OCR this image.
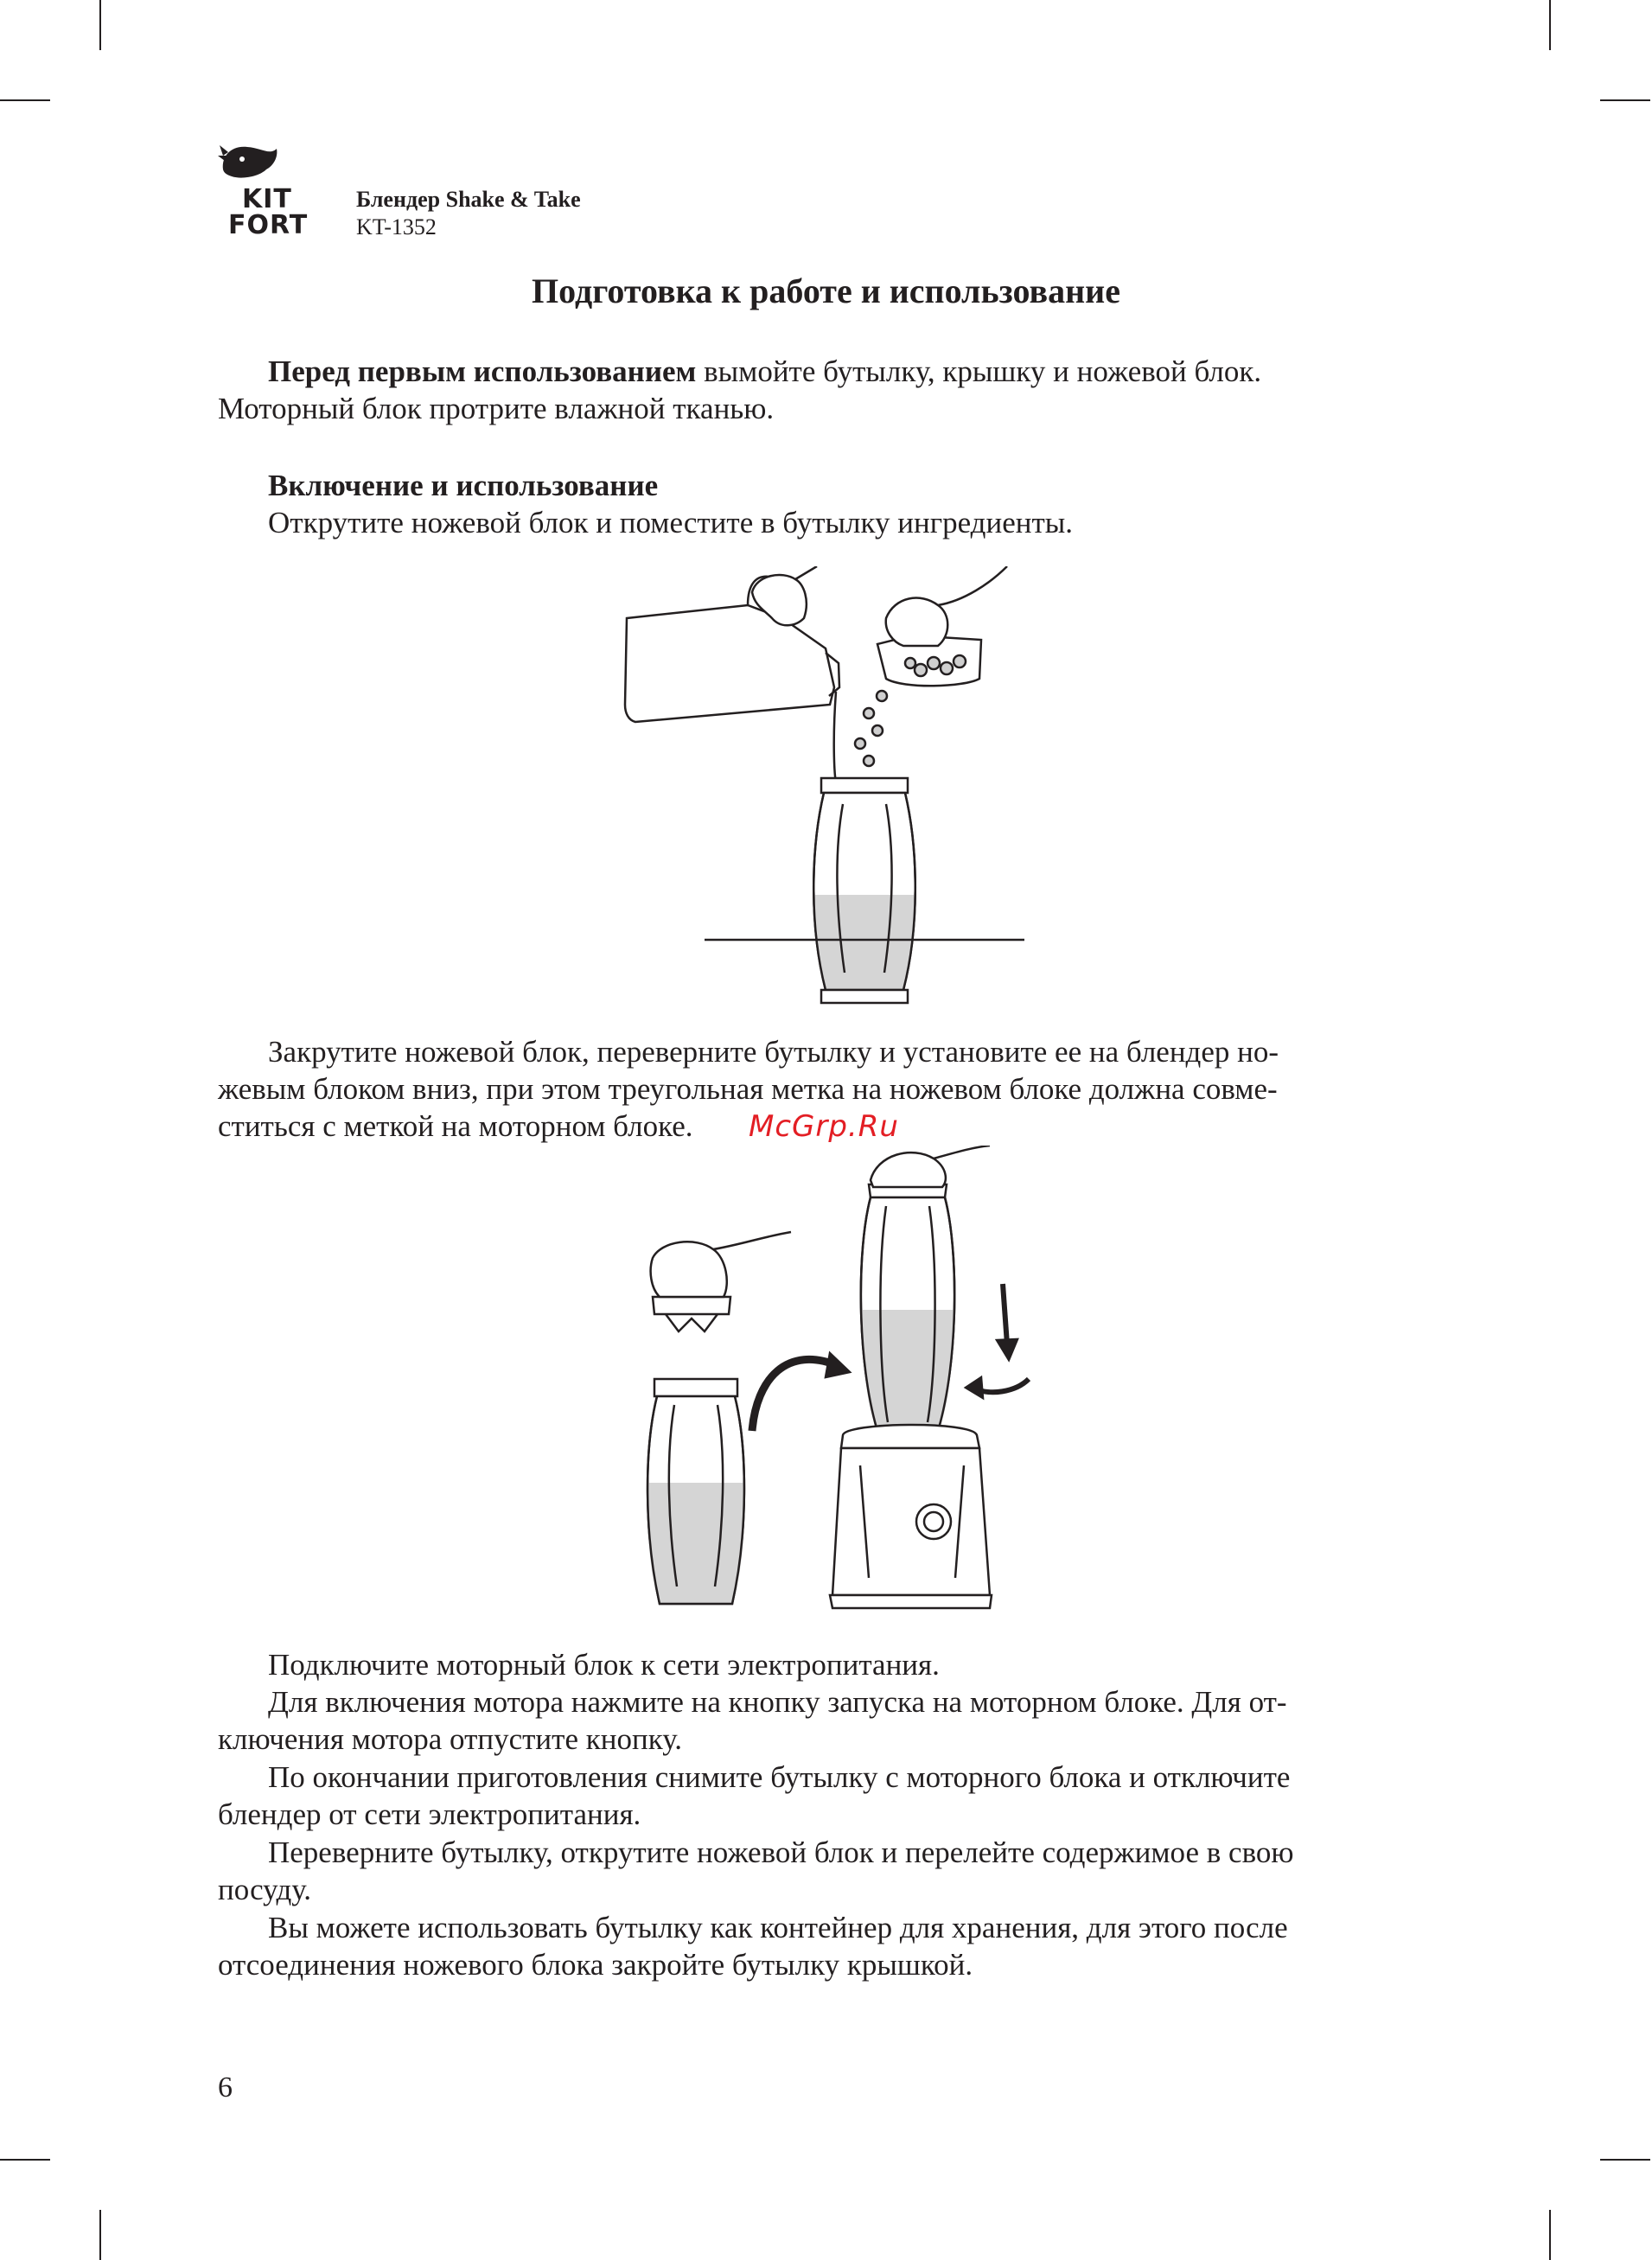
KIT
FORT
Блендер Shake & Take
KT-1352
Подготовка к работе и использование

Перед первым использованием вымойте бутылку, крышку и ножевой блок.
Моторный блок протрите влажной тканью.

Включение и использование

Открутите ножевой блок и поместите в бутылку ингредиенты.

Закрутите ножевой блок, переверните бутылку и установите ее на блендер но-
жевым блоком вниз, при этом треугольная метка на ножевом блоке должна совме-
ститься с меткой на моторном блоке.	McGrp.Ru

Подключите моторный блок к сети электропитания.

Для включения мотора нажмите на кнопку запуска на моторном блоке. Для от-
ключения мотора отпустите кнопку.

По окончании приготовления снимите бутылку с моторного блока и отключите
блендер от сети электропитания.

Переверните бутылку, открутите ножевой блок и перелейте содержимое в свою
посуду.

Вы можете использовать бутылку как контейнер для хранения, для этого после
отсоединения ножевого блока закройте бутылку крышкой.

6
